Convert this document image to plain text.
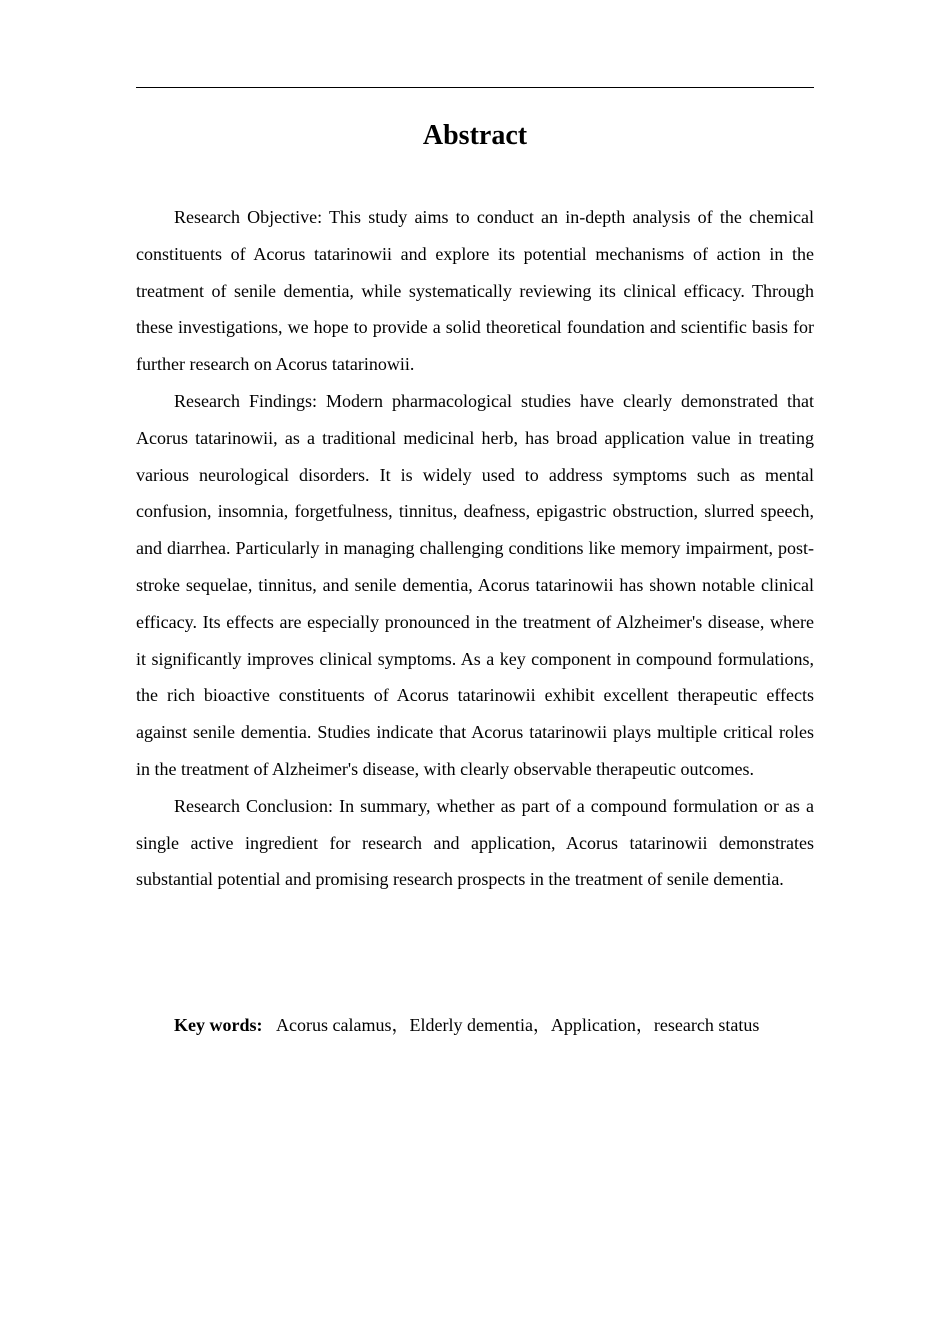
Abstract

Research Objective: This study aims to conduct an in-depth analysis of the chemical constituents of Acorus tatarinowii and explore its potential mechanisms of action in the treatment of senile dementia, while systematically reviewing its clinical efficacy. Through these investigations, we hope to provide a solid theoretical foundation and scientific basis for further research on Acorus tatarinowii.

Research Findings: Modern pharmacological studies have clearly demonstrated that Acorus tatarinowii, as a traditional medicinal herb, has broad application value in treating various neurological disorders. It is widely used to address symptoms such as mental confusion, insomnia, forgetfulness, tinnitus, deafness, epigastric obstruction, slurred speech, and diarrhea. Particularly in managing challenging conditions like memory impairment, post-stroke sequelae, tinnitus, and senile dementia, Acorus tatarinowii has shown notable clinical efficacy. Its effects are especially pronounced in the treatment of Alzheimer's disease, where it significantly improves clinical symptoms. As a key component in compound formulations, the rich bioactive constituents of Acorus tatarinowii exhibit excellent therapeutic effects against senile dementia. Studies indicate that Acorus tatarinowii plays multiple critical roles in the treatment of Alzheimer's disease, with clearly observable therapeutic outcomes.

Research Conclusion: In summary, whether as part of a compound formulation or as a single active ingredient for research and application, Acorus tatarinowii demonstrates substantial potential and promising research prospects in the treatment of senile dementia.

Key words: Acorus calamus，Elderly dementia，Application，research status
